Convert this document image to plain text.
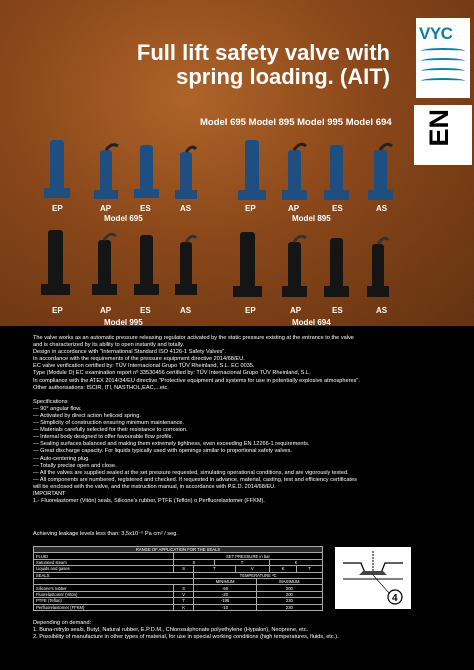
Full lift safety valve with
spring loading. (AIT)
VYC
EN
Model 695 Model 895 Model 995 Model 694
EP	AP	ES	AS
Model 695
EP	AP	ES	AS
Model 895
EP	AP	ES	AS
Model 995
EP	AP	ES	AS
Model 694

The valve works as an automatic pressure releasing regulator activated by the static pressure existing at the entrance to the valve

and is characterized by its ability to open instantly and totally.

Design in accordance with "International Standard ISO 4126-1 Safety Valves".

In accordance with the requirements of the pressure equipment directive 2014/68/EU.

EC valve verification certified by: TÜV Internacional Grupo TÜV Rheinland, S.L. EC 0035.

Type (Module D) EC examination report nº 33530456 certified by: TÜV Internacional Grupo TÜV Rheinland, S.L.

In compliance with the ATEX 2014/34/EU directive "Protective equipment and systems for use in potentially explosive atmospheres".

Other authorisations: ISCIR, ITI, NASTHOL,EAC,...etc.

Specifications

— 90° angular flow.
— Activated by direct action helicoid spring.
— Simplicity of construction ensuring minimum maintenance.
— Materials carefully selected for their resistance to corrosion.
— Internal body designed to offer favourable flow profile.
— Sealing surfaces balanced and making them extremely tightness, even exceeding EN 12266-1 requirements.
— Great discharge capacity. For liquids typically used with openings similar to proportional safety valves.
— Auto-centering plug.
— Totally precise open and close.
— All the valves are supplied sealed at the set pressure requested, simulating operational conditions, and are vigorously tested.
— All components are numbered, registered and checked. If requested in advance, material, casting, test and efficiency certificates
will be enclosed with the valve, and the instruction manual, in accordance with P.E.D. 2014/68/EU.

IMPORTANT

1.- Fluorelastomer (Vitón) seals, Silicone's rubber, PTFE (Teflón) o Perfluorelastomer (FFKM).

Achieving leakage levels less than: 3,5x10⁻⁵ Pa cm³ / seg.
RANGE OF APPLICATION FOR THE SEALS							
FLUID	SET PRESSURE in bar						
Saturated steam	S		T			K	
Liquids and gases	S	T		V		K	T
SEALS		TEMPERATURE ºC					
		MINIMUM			MAXIMUM		
Silicone's rubber	S	-50			200		
Fluorelastomer (Viton)	V	-20			200		
PTFE (Teflon)	T	-196			230		
Perfluorelastomer (FFKM)	K	-10			230		
4

Depending on demand:

1. Buna-nitrylo seals, Butyl, Natural rubber, E.P.D.M., Chlorosulphonate polyethylene (Hypalon), Neoprene, etc.

2. Possibility of manufacture in other types of material, for use in special working conditions (high temperatures, fluids, etc.).
